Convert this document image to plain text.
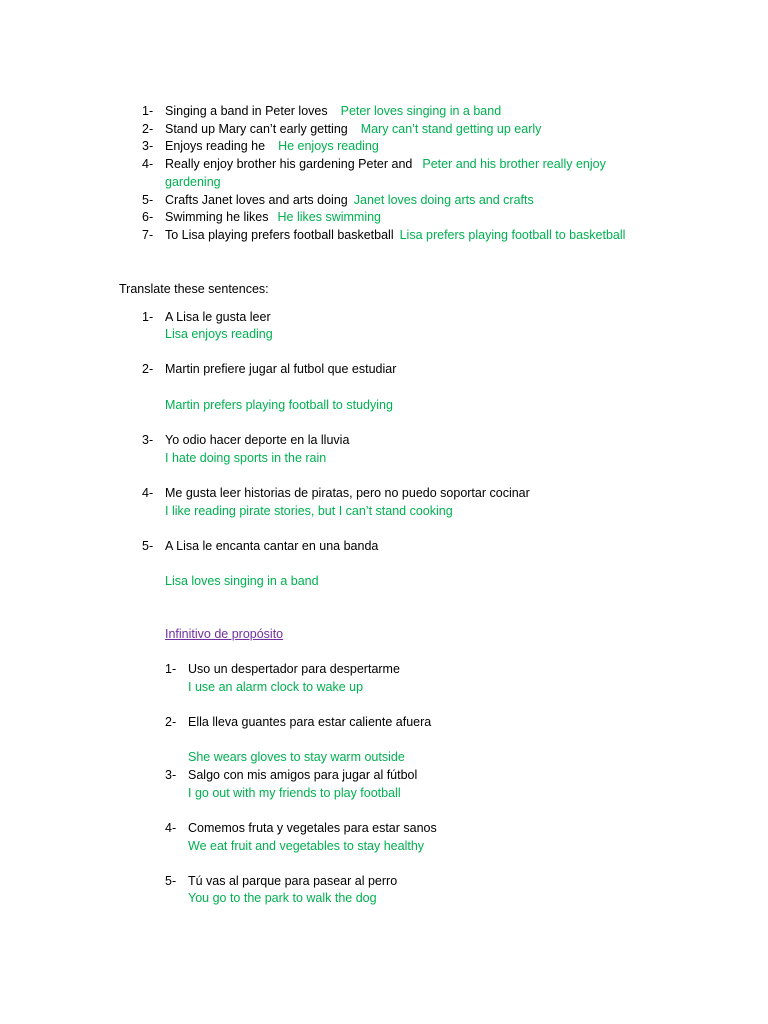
1- Singing a band in Peter loves Peter loves singing in a band
2- Stand up Mary can’t early getting Mary can’t stand getting up early
3- Enjoys reading he He enjoys reading
4- Really enjoy brother his gardening Peter and Peter and his brother really enjoy
gardening
5- Crafts Janet loves and arts doing Janet loves doing arts and crafts
6- Swimming he likes He likes swimming
7- To Lisa playing prefers football basketball Lisa prefers playing football to basketball
Translate these sentences:
1- A Lisa le gusta leer
Lisa enjoys reading
2- Martin prefiere jugar al futbol que estudiar
Martin prefers playing football to studying
3- Yo odio hacer deporte en la lluvia
I hate doing sports in the rain
4- Me gusta leer historias de piratas, pero no puedo soportar cocinar
I like reading pirate stories, but I can’t stand cooking
5- A Lisa le encanta cantar en una banda
Lisa loves singing in a band
Infinitivo de propósito
1- Uso un despertador para despertarme
I use an alarm clock to wake up
2- Ella lleva guantes para estar caliente afuera
She wears gloves to stay warm outside
3- Salgo con mis amigos para jugar al fútbol
I go out with my friends to play football
4- Comemos fruta y vegetales para estar sanos
We eat fruit and vegetables to stay healthy
5- Tú vas al parque para pasear al perro
You go to the park to walk the dog
